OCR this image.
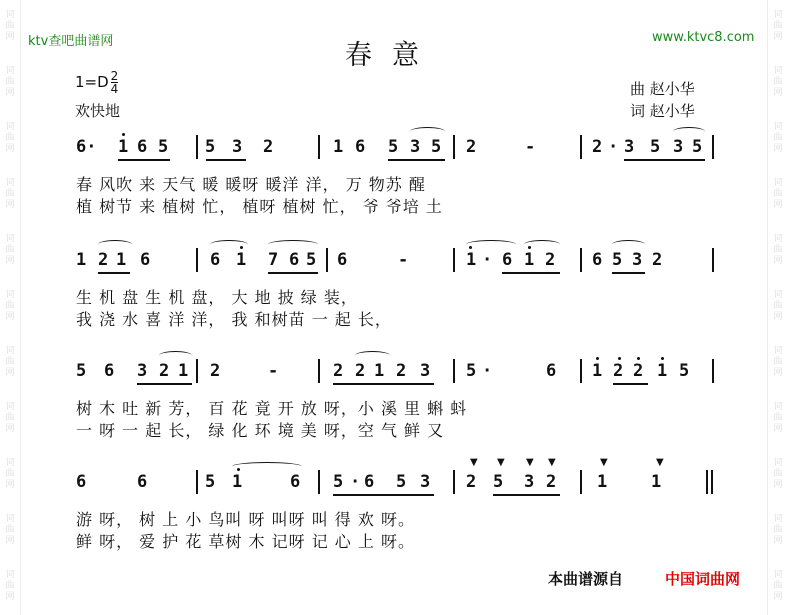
ktv查吧曲谱网	www.ktvc8.com
春意
$1=D \frac{2}{4}$
欢快地
曲 赵小华
词 赵小华
6· 1 6 5 5 3 2	1 6 5 3 5 2	-	2 · 3 5 3 5
春 风吹 来 天气 暖 暖呀 暖洋 洋， 万 物苏 醒
植 树节 来 植树 忙， 植呀 植树 忙， 爷 爷培 土
1 2 1 6	6 1 7 6 5 6	-	1 · 6 1 2 6 5 3 2
生 机 盘 生 机 盘， 大 地 披 绿 装，
我 浇 水 喜 洋 洋， 我 和树苗 一 起 长，
5 6 3 2 1 2	-	2 2 1 2 3 5 ·	6 1 2 2 1 5
树 木 吐 新 芳， 百 花 竟 开 放 呀，小 溪 里 蝌 蚪
一 呀 一 起 长， 绿 化 环 境 美 呀，空 气 鲜 又
6	6	5 1	6 5 · 6 5 3 2 5 3 2 1	1
游 呀， 树 上 小 鸟叫 呀 叫呀 叫 得 欢 呀。
鲜 呀， 爱 护 花 草树 木 记呀 记 心 上 呀。
▼ ▼ ▼ ▼	▼	▼
词曲网
词曲网
词曲网
词曲网
词曲网
词曲网
词曲网
词曲网
词曲网
词曲网
词曲网
词曲网
词曲网
词曲网
词曲网
词曲网
词曲网
词曲网
词曲网
词曲网
词曲网
词曲网
本曲谱源自	中国词曲网
